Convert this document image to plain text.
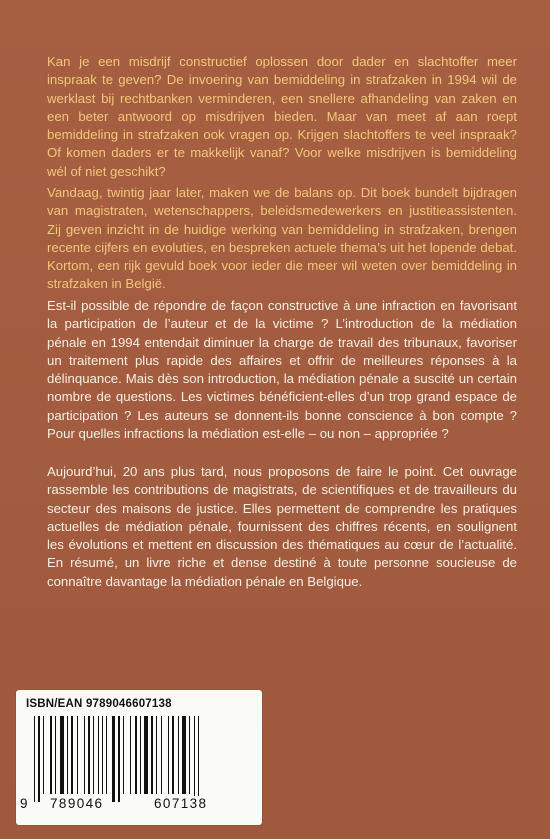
Kan je een misdrijf constructief oplossen door dader en slachtoffer meer inspraak te geven? De invoering van bemiddeling in strafzaken in 1994 wil de werklast bij rechtbanken verminderen, een snellere afhandeling van zaken en een beter antwoord op misdrijven bieden. Maar van meet af aan roept bemiddeling in strafzaken ook vragen op. Krijgen slachtoffers te veel inspraak? Of komen daders er te makkelijk vanaf? Voor welke misdrijven is bemiddeling wél of niet geschikt?

Vandaag, twintig jaar later, maken we de balans op. Dit boek bundelt bijdragen van magistraten, wetenschappers, beleidsmedewerkers en justitieassistenten. Zij geven inzicht in de huidige werking van bemiddeling in strafzaken, brengen recente cijfers en evoluties, en bespreken actuele thema’s uit het lopende debat. Kortom, een rijk gevuld boek voor ieder die meer wil weten over bemiddeling in strafzaken in België.

Est-il possible de répondre de façon constructive à une infraction en favorisant la participation de l’auteur et de la victime ? L’introduction de la médiation pénale en 1994 entendait diminuer la charge de travail des tribunaux, favoriser un traitement plus rapide des affaires et offrir de meilleures réponses à la délinquance. Mais dès son introduction, la médiation pénale a suscité un certain nombre de questions. Les victimes bénéficient-elles d’un trop grand espace de participation ? Les auteurs se donnent-ils bonne conscience à bon compte ? Pour quelles infractions la médiation est-elle – ou non – appropriée ?

Aujourd’hui, 20 ans plus tard, nous proposons de faire le point. Cet ouvrage rassemble les contributions de magistrats, de scientifiques et de travailleurs du secteur des maisons de justice. Elles permettent de comprendre les pratiques actuelles de médiation pénale, fournissent des chiffres récents, en soulignent les évolutions et mettent en discussion des thématiques au cœur de l’actualité. En résumé, un livre riche et dense destiné à toute personne soucieuse de connaître davantage la médiation pénale en Belgique.

ISBN/EAN 9789046607138
9 789046	607138
